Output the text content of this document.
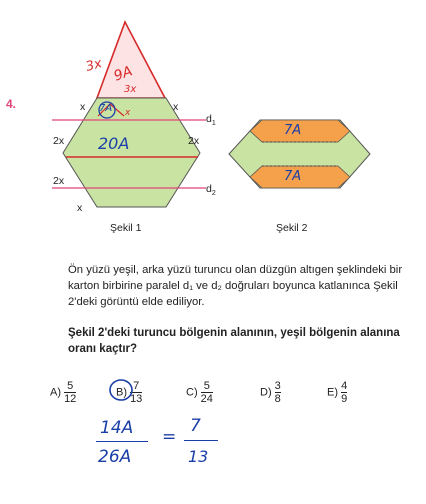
4.	x	x
2x	2x
2x
x
$d_1$
$d_2$
Şekil 1	Şekil 2
3x 9A
3x
7A x
20A
7A
7A
Ön yüzü yeşil, arka yüzü turuncu olan düzgün altıgen şeklindeki bir karton birbirine paralel d₁ ve d₂ doğruları boyunca katlanınca Şekil 2'deki görüntü elde ediliyor.
Şekil 2'deki turuncu bölgenin alanının, yeşil bölgenin alanına oranı kaçtır?
$A) \frac{5}{12}$	$B) \frac{7}{13}$	$C) \frac{5}{24}$	$D) \frac{3}{8}$	$E) \frac{4}{9}$
14A
26A
=
7
13
